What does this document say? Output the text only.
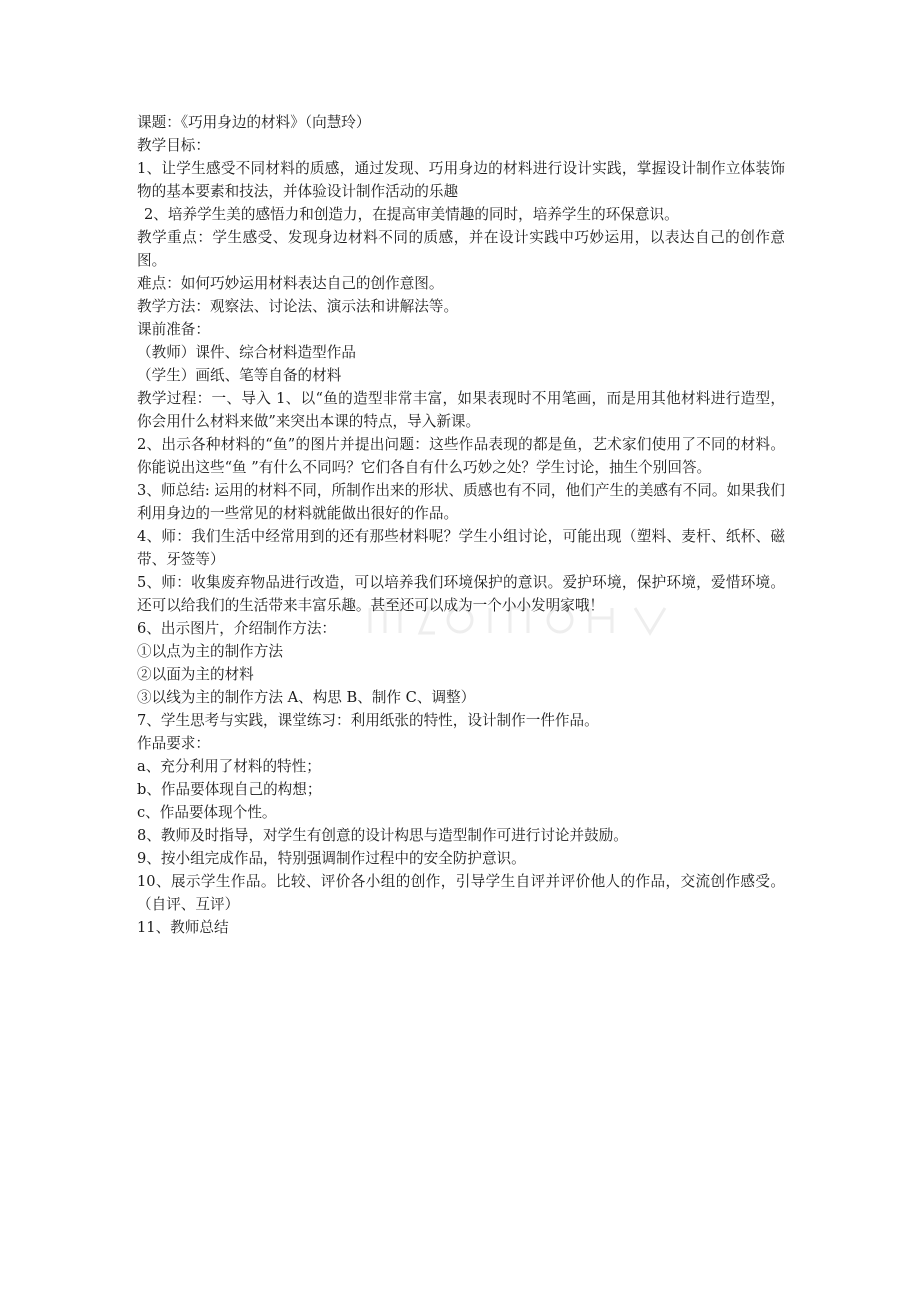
课题：《巧用身边的材料》（向慧玲）
教学目标：
1、让学生感受不同材料的质感，通过发现、巧用身边的材料进行设计实践，掌握设计制作立体装饰物的基本要素和技法，并体验设计制作活动的乐趣
2、培养学生美的感悟力和创造力，在提高审美情趣的同时，培养学生的环保意识。
教学重点：学生感受、发现身边材料不同的质感，并在设计实践中巧妙运用，以表达自己的创作意图。
难点：如何巧妙运用材料表达自己的创作意图。
教学方法：观察法、讨论法、演示法和讲解法等。
课前准备：
（教师）课件、综合材料造型作品
（学生）画纸、笔等自备的材料
教学过程：一、导入 1、以“鱼的造型非常丰富，如果表现时不用笔画，而是用其他材料进行造型，你会用什么材料来做”来突出本课的特点，导入新课。
2、出示各种材料的“鱼”的图片并提出问题：这些作品表现的都是鱼，艺术家们使用了不同的材料。你能说出这些“鱼 ”有什么不同吗？它们各自有什么巧妙之处？学生讨论，抽生个别回答。
3、师总结: 运用的材料不同，所制作出来的形状、质感也有不同，他们产生的美感有不同。如果我们利用身边的一些常见的材料就能做出很好的作品。
4、师：我们生活中经常用到的还有那些材料呢？学生小组讨论，可能出现（塑料、麦杆、纸杯、磁带、牙签等）
5、师：收集废弃物品进行改造，可以培养我们环境保护的意识。爱护环境，保护环境，爱惜环境。还可以给我们的生活带来丰富乐趣。甚至还可以成为一个小小发明家哦！
6、出示图片，介绍制作方法：
①以点为主的制作方法
②以面为主的材料
③以线为主的制作方法 A、构思 B、制作 C、调整）
7、学生思考与实践，课堂练习：利用纸张的特性，设计制作一件作品。
作品要求：
a、充分利用了材料的特性；
b、作品要体现自己的构想；
c、作品要体现个性。
8、教师及时指导，对学生有创意的设计构思与造型制作可进行讨论并鼓励。
9、按小组完成作品，特别强调制作过程中的安全防护意识。
10、展示学生作品。比较、评价各小组的创作，引导学生自评并评价他人的作品，交流创作感受。（自评、互评）
11、教师总结
